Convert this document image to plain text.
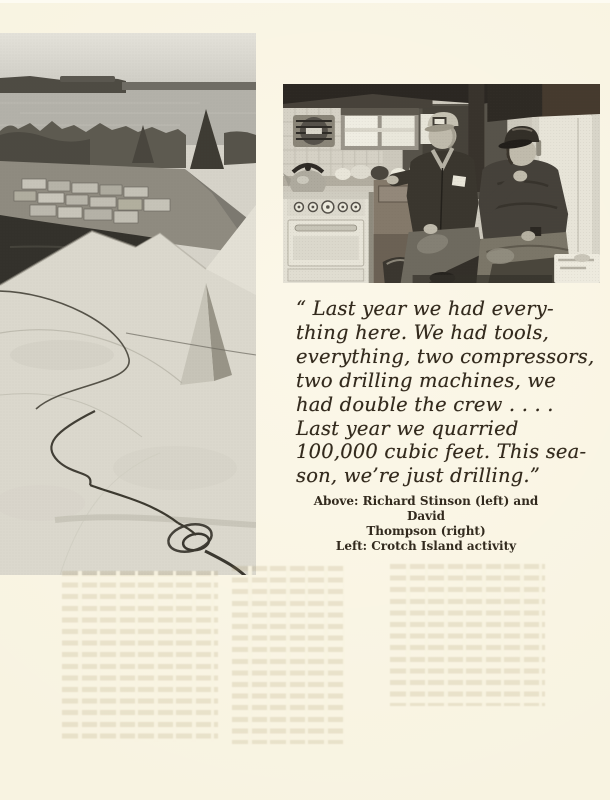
“ Last year we had every-
thing here. We had tools,
everything, two compressors,
two drilling machines, we
had double the crew . . . .
Last year we quarried
100,000 cubic feet. This sea-
son, we’re just drilling.”
Above: Richard Stinson (left) and David
Thompson (right)
Left: Crotch Island activity
